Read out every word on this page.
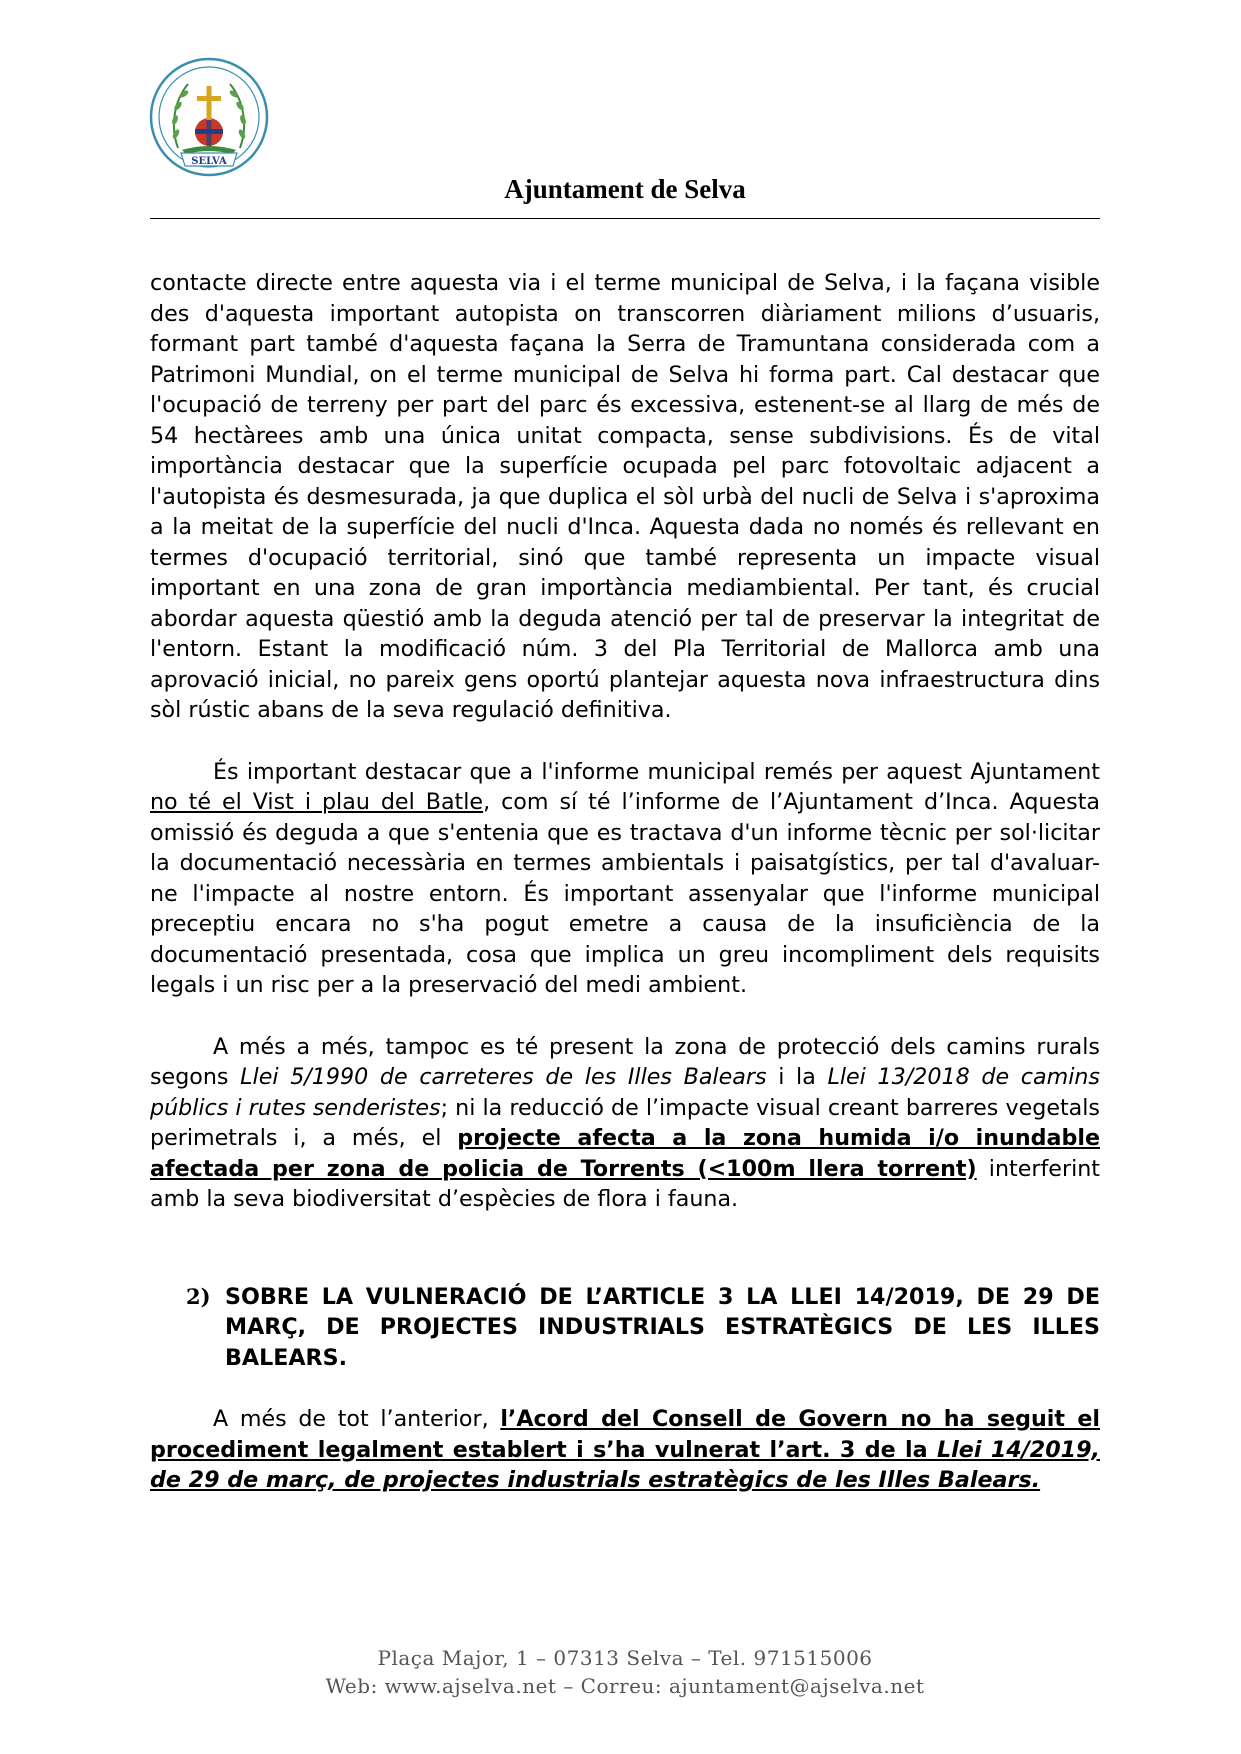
SELVA
Ajuntament de Selva

contacte directe entre aquesta via i el terme municipal de Selva, i la façana visible des d'aquesta important autopista on transcorren diàriament milions d’usuaris, formant part també d'aquesta façana la Serra de Tramuntana considerada com a Patrimoni Mundial, on el terme municipal de Selva hi forma part. Cal destacar que l'ocupació de terreny per part del parc és excessiva, estenent-se al llarg de més de 54 hectàrees amb una única unitat compacta, sense subdivisions. És de vital importància destacar que la superfície ocupada pel parc fotovoltaic adjacent a l'autopista és desmesurada, ja que duplica el sòl urbà del nucli de Selva i s'aproxima a la meitat de la superfície del nucli d'Inca. Aquesta dada no només és rellevant en termes d'ocupació territorial, sinó que també representa un impacte visual important en una zona de gran importància mediambiental. Per tant, és crucial abordar aquesta qüestió amb la deguda atenció per tal de preservar la integritat de l'entorn. Estant la modificació núm. 3 del Pla Territorial de Mallorca amb una aprovació inicial, no pareix gens oportú plantejar aquesta nova infraestructura dins sòl rústic abans de la seva regulació definitiva.

És important destacar que a l'informe municipal remés per aquest Ajuntament no té el Vist i plau del Batle, com sí té l’informe de l’Ajuntament d’Inca. Aquesta omissió és deguda a que s'entenia que es tractava d'un informe tècnic per sol·licitar la documentació necessària en termes ambientals i paisatgístics, per tal d'avaluar-ne l'impacte al nostre entorn. És important assenyalar que l'informe municipal preceptiu encara no s'ha pogut emetre a causa de la insuficiència de la documentació presentada, cosa que implica un greu incompliment dels requisits legals i un risc per a la preservació del medi ambient.

A més a més, tampoc es té present la zona de protecció dels camins rurals segons Llei 5/1990 de carreteres de les Illes Balears i la Llei 13/2018 de camins públics i rutes senderistes; ni la reducció de l’impacte visual creant barreres vegetals perimetrals i, a més, el projecte afecta a la zona humida i/o inundable afectada per zona de policia de Torrents (<100m llera torrent) interferint amb la seva biodiversitat d’espècies de flora i fauna.

2) SOBRE LA VULNERACIÓ DE L’ARTICLE 3 LA LLEI 14/2019, DE 29 DE MARÇ, DE PROJECTES INDUSTRIALS ESTRATÈGICS DE LES ILLES BALEARS.

A més de tot l’anterior, l’Acord del Consell de Govern no ha seguit el procediment legalment establert i s’ha vulnerat l’art. 3 de la Llei 14/2019, de 29 de març, de projectes industrials estratègics de les Illes Balears.

Plaça Major, 1 – 07313 Selva – Tel. 971515006
Web: www.ajselva.net – Correu: ajuntament@ajselva.net
